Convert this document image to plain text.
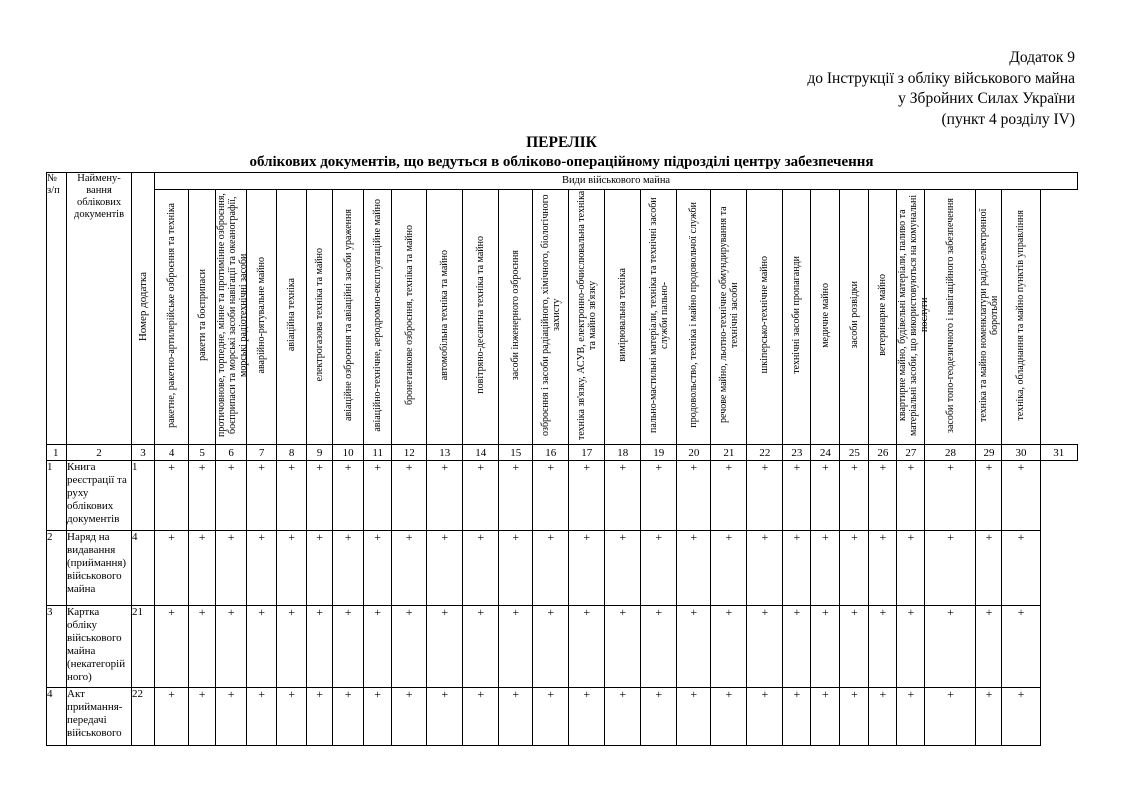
Додаток 9
до Інструкції з обліку військового майна
у Збройних Силах України
(пункт 4 розділу IV)
ПЕРЕЛІК
облікових документів, що ведуться в обліково-операційному підрозділі центру забезпечення
№ з/п	Наймену-вання облікових документів	Номер додатка	Види військового майна																											
			ракетне, ракетно-артилерійське озброєння та техніка	ракети та боєприпаси	протичовнове, торпедне, мінне та протимінне озброєння, боєприпаси та морські засоби навігації та океанографії, морські радіотехнічні засоби	аварійно-рятувальне майно	авіаційна техніка	електрогазова техніка та майно	авіаційне озброєння та авіаційні засоби ураження	авіаційно-технічне, аеродромно-експлуатаційне майно	бронетанкове озброєння, техніка та майно	автомобільна техніка та майно	повітряно-десантна техніка та майно	засоби інженерного озброєння	озброєння і засоби радіаційного, хімічного, біологічного захисту	техніка зв'язку, АСУВ, електронно-обчислювальна техніка та майно зв'язку	вимірювальна техніка	пально-мастильні матеріали, техніка та технічні засоби служби пально-	продовольство, техніка і майно продовольчої служби	речове майно, льотно-технічне обмундирування та технічні засоби	шкіперсько-технічне майно	технічні засоби пропаганди	медичне майно	засоби розвідки	ветеринарне майно	квартирне майно, будівельні матеріали, паливо та матеріальні засоби, що використовуються на комунальні послуги	засоби топо-геодезичного і навігаційного забезпечення	техніка та майно номенклатури радіо-електронної боротьби	техніка, обладнання та майно пунктів управління	
1	2	3	4	5	6	7	8	9	10	11	12	13	14	15	16	17	18	19	20	21	22	23	24	25	26	27	28	29	30	31
1	Книга реєстрації та руху облікових документів	1	+	+	+	+	+	+	+	+	+	+	+	+	+	+	+	+	+	+	+	+	+	+	+	+	+	+	+	
2	Наряд на видавання (приймання) військового майна	4	+	+	+	+	+	+	+	+	+	+	+	+	+	+	+	+	+	+	+	+	+	+	+	+	+	+	+	
3	Картка обліку військового майна (некатегорій ного)	21	+	+	+	+	+	+	+	+	+	+	+	+	+	+	+	+	+	+	+	+	+	+	+	+	+	+	+	
4	Акт приймання-передачі військового	22	+	+	+	+	+	+	+	+	+	+	+	+	+	+	+	+	+	+	+	+	+	+	+	+	+	+	+	
